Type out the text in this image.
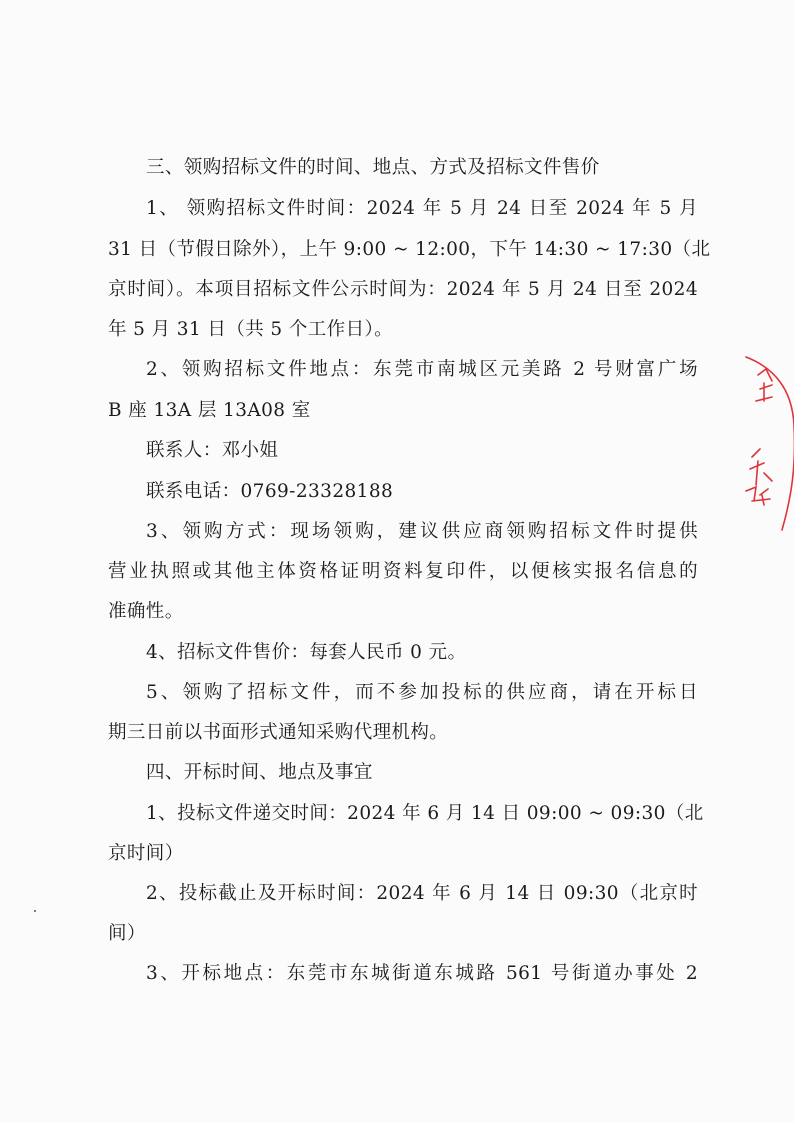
三、领购招标文件的时间、地点、方式及招标文件售价
1、 领购招标文件时间：2024 年 5 月 24 日至 2024 年 5 月
31 日（节假日除外），上午 9:00 ~ 12:00，下午 14:30 ~ 17:30（北
京时间）。本项目招标文件公示时间为：2024 年 5 月 24 日至 2024
年 5 月 31 日（共 5 个工作日）。
2、领购招标文件地点：东莞市南城区元美路 2 号财富广场
B 座 13A 层 13A08 室
联系人：邓小姐
联系电话：0769-23328188
3、领购方式：现场领购，建议供应商领购招标文件时提供
营业执照或其他主体资格证明资料复印件，以便核实报名信息的
准确性。
4、招标文件售价：每套人民币 0 元。
5、领购了招标文件，而不参加投标的供应商，请在开标日
期三日前以书面形式通知采购代理机构。
四、开标时间、地点及事宜
1、投标文件递交时间：2024 年 6 月 14 日 09:00 ~ 09:30（北
京时间）
2、投标截止及开标时间：2024 年 6 月 14 日 09:30（北京时
间）
3、开标地点：东莞市东城街道东城路 561 号街道办事处 2
